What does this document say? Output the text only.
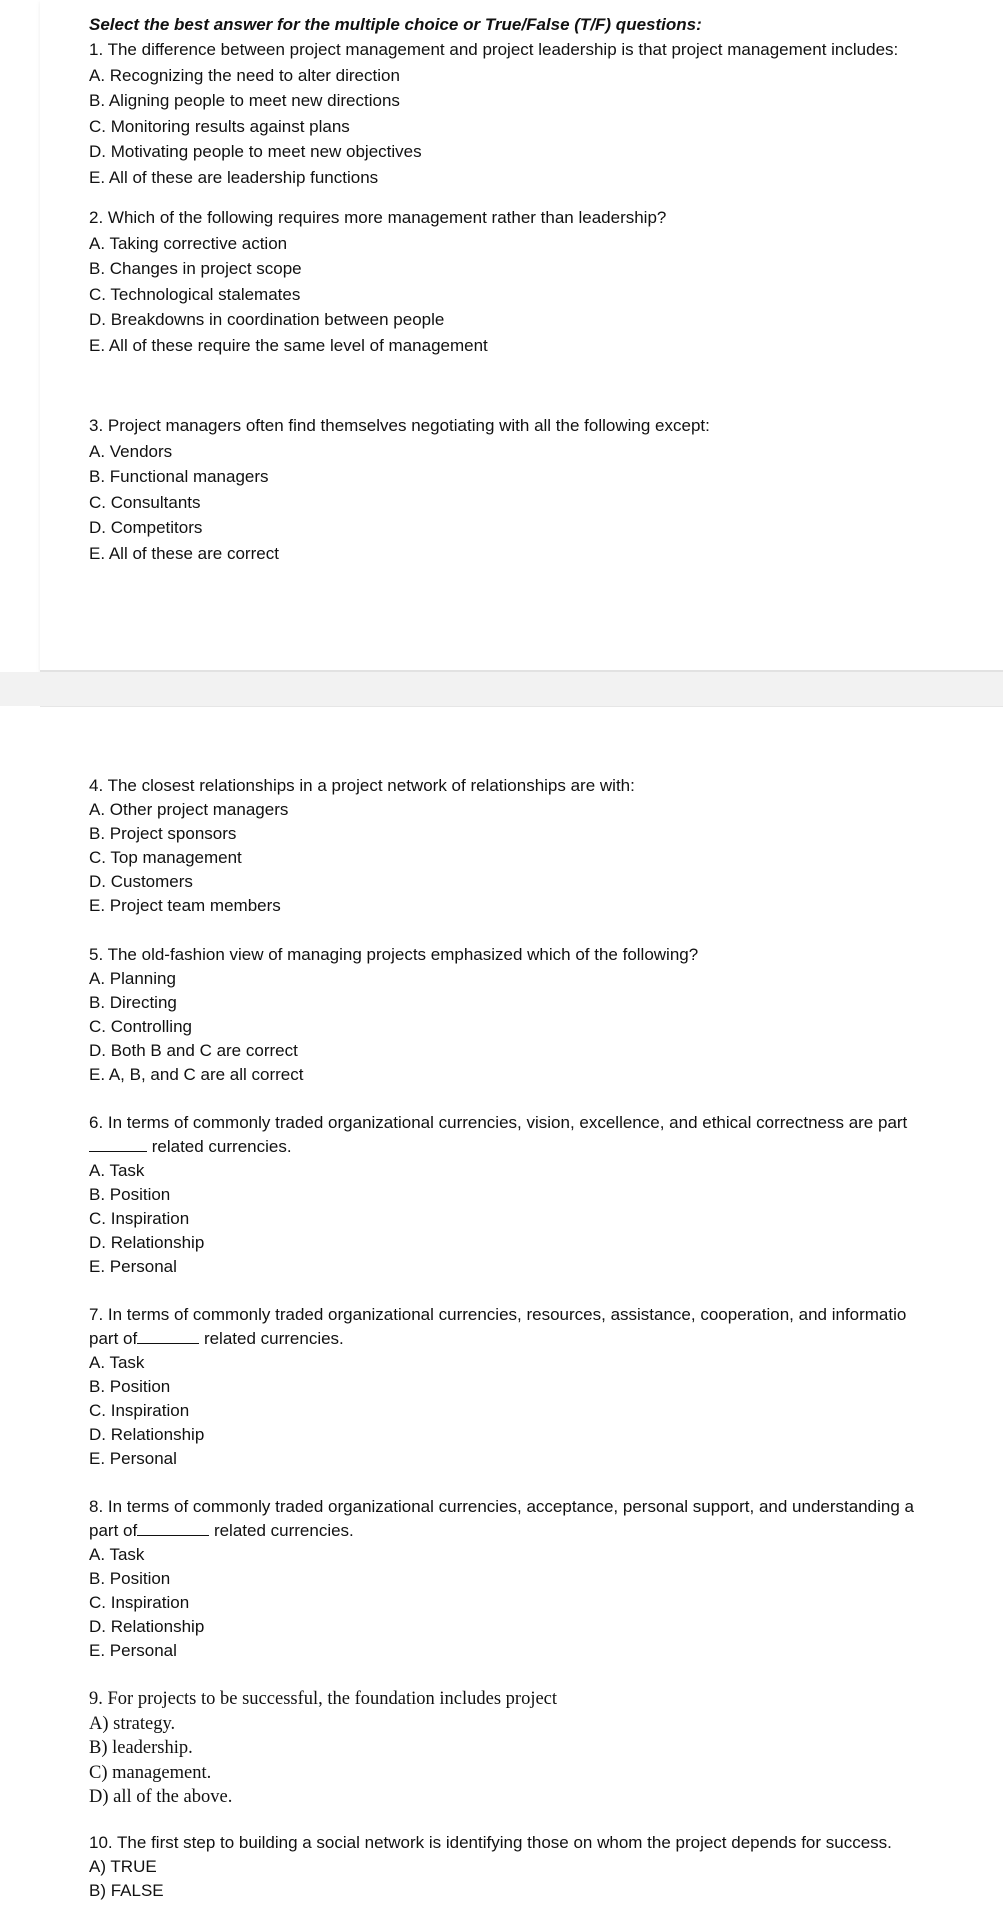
Select the best answer for the multiple choice or True/False (T/F) questions:
1. The difference between project management and project leadership is that project management includes:
A. Recognizing the need to alter direction
B. Aligning people to meet new directions
C. Monitoring results against plans
D. Motivating people to meet new objectives
E. All of these are leadership functions
2. Which of the following requires more management rather than leadership?
A. Taking corrective action
B. Changes in project scope
C. Technological stalemates
D. Breakdowns in coordination between people
E. All of these require the same level of management
3. Project managers often find themselves negotiating with all the following except:
A. Vendors
B. Functional managers
C. Consultants
D. Competitors
E. All of these are correct
4. The closest relationships in a project network of relationships are with:
A. Other project managers
B. Project sponsors
C. Top management
D. Customers
E. Project team members
5. The old-fashion view of managing projects emphasized which of the following?
A. Planning
B. Directing
C. Controlling
D. Both B and C are correct
E. A, B, and C are all correct
6. In terms of commonly traded organizational currencies, vision, excellence, and ethical correctness are part
related currencies.
A. Task
B. Position
C. Inspiration
D. Relationship
E. Personal
7. In terms of commonly traded organizational currencies, resources, assistance, cooperation, and informatio
part of	related currencies.
A. Task
B. Position
C. Inspiration
D. Relationship
E. Personal
8. In terms of commonly traded organizational currencies, acceptance, personal support, and understanding a
part of	related currencies.
A. Task
B. Position
C. Inspiration
D. Relationship
E. Personal
9. For projects to be successful, the foundation includes project
A) strategy.
B) leadership.
C) management.
D) all of the above.
10. The first step to building a social network is identifying those on whom the project depends for success.
A) TRUE
B) FALSE
